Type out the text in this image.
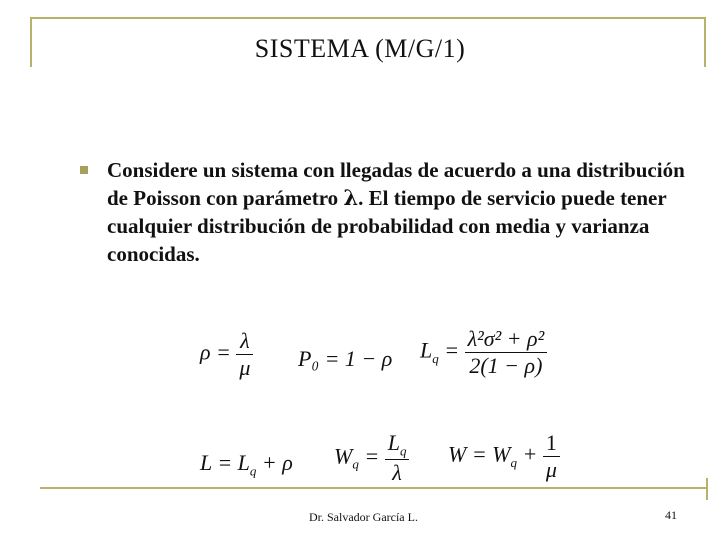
SISTEMA (M/G/1)
Considere un sistema con llegadas de acuerdo a una distribución de Poisson con parámetro λ. El tiempo de servicio puede tener cualquier distribución de probabilidad con media y varianza conocidas.
$\rho = \frac{\lambda}{\mu} P_0 = 1 - \rho$ $L_q = \frac{\text{λ²σ² + ρ²}}{2(1 - \rho)}$
$L = L_q + \rho$ $W_q = \frac{L_q}{\lambda}$ $W = W_q + \frac{1}{\mu}$
Dr. Salvador García L.	41
